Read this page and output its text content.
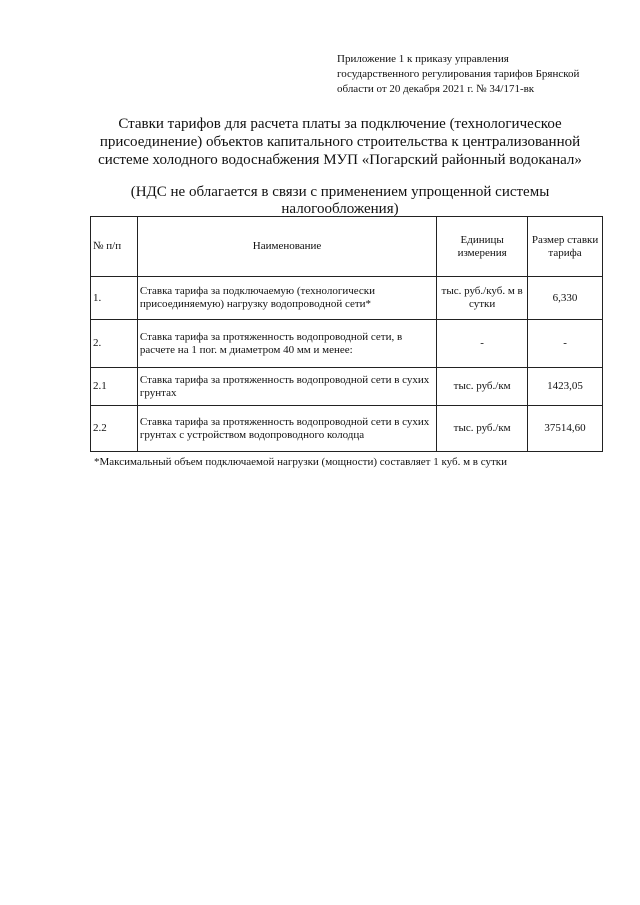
Приложение 1 к приказу управления
государственного регулирования тарифов Брянской
области от 20 декабря 2021 г. № 34/171-вк
Ставки тарифов для расчета платы за подключение (технологическое
присоединение) объектов капитального строительства к централизованной
системе холодного водоснабжения МУП «Погарский районный водоканал»
(НДС не облагается в связи с применением упрощенной системы
налогообложения)
№ п/п	Наименование	Единицы измерения	Размер ставки тарифа
1.	Ставка тарифа за подключаемую (технологически присоединяемую) нагрузку водопроводной сети*	тыс. руб./куб. м в сутки	6,330
2.	Ставка тарифа за протяженность водопроводной сети, в расчете на 1 пог. м диаметром 40 мм и менее:	-	-
2.1	Ставка тарифа за протяженность водопроводной сети в сухих грунтах	тыс. руб./км	1423,05
2.2	Ставка тарифа за протяженность водопроводной сети в сухих грунтах с устройством водопроводного колодца	тыс. руб./км	37514,60
*Максимальный объем подключаемой нагрузки (мощности) составляет 1 куб. м в сутки
